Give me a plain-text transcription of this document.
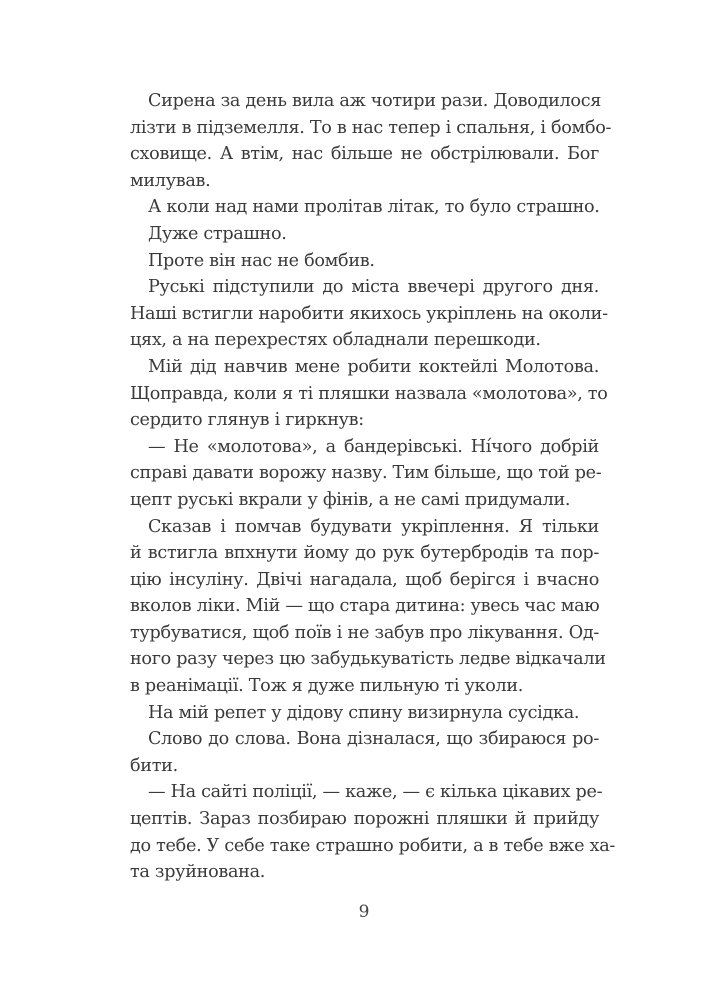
Сирена за день вила аж чотири рази. Доводилося
лізти в підземелля. То в нас тепер і спальня, і бомбо-
сховище. А втім, нас більше не обстрілювали. Бог
милував.
А коли над нами пролітав літак, то було страшно.
Дуже страшно.
Проте він нас не бомбив.
Руські підступили до міста ввечері другого дня.
Наші встигли наробити якихось укріплень на околи-
цях, а на перехрестях обладнали перешкоди.
Мій дід навчив мене робити коктейлі Молотова.
Щоправда, коли я ті пляшки назвала «молотова», то
сердито глянув і гиркнув:
— Не «молотова», а бандерівські. Ні́чого добрій
справі давати ворожу назву. Тим більше, що той ре-
цепт руські вкрали у фінів, а не самі придумали.
Сказав і помчав будувати укріплення. Я тільки
й встигла впхнути йому до рук бутербродів та пор-
цію інсуліну. Двічі нагадала, щоб берігся і вчасно
вколов ліки. Мій — що стара дитина: увесь час маю
турбуватися, щоб поїв і не забув про лікування. Од-
ного разу через цю забудькуватість ледве відкачали
в реанімації. Тож я дуже пильную ті уколи.
На мій репет у дідову спину визирнула сусідка.
Слово до слова. Вона дізналася, що збираюся ро-
бити.
— На сайті поліції, — каже, — є кілька цікавих ре-
цептів. Зараз позбираю порожні пляшки й прийду
до тебе. У себе таке страшно робити, а в тебе вже ха-
та зруйнована.
9
